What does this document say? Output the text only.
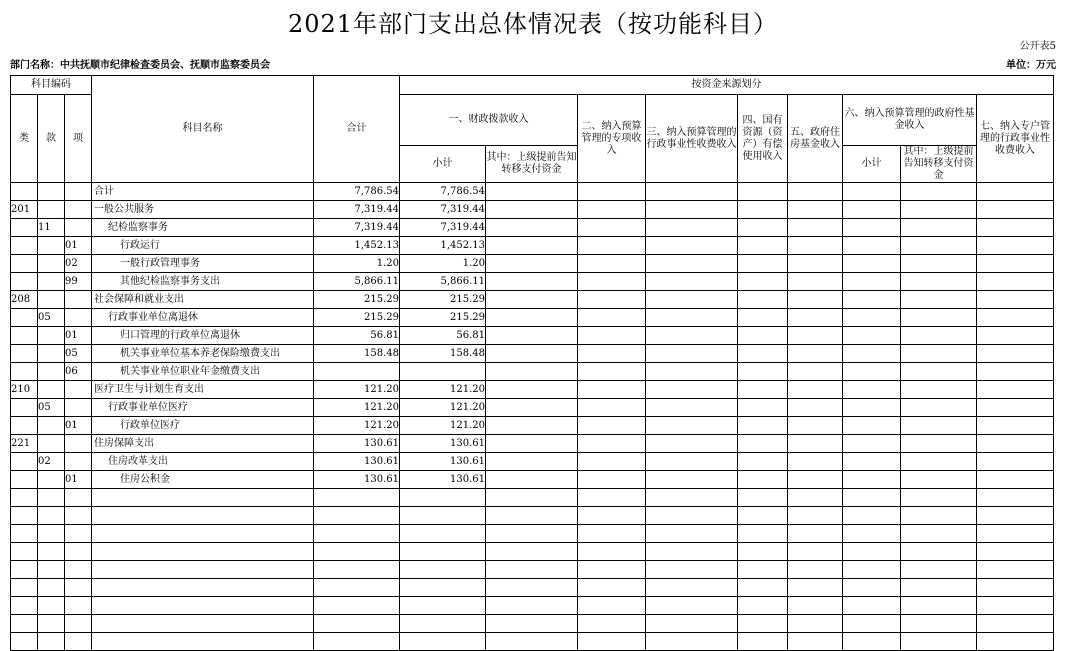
2021年部门支出总体情况表（按功能科目）
公开表5
部门名称：中共抚顺市纪律检查委员会、抚顺市监察委员会	单位：万元
科目编码			科目名称	合计	按资金来源划分								
类	款	项			一、财政拨款收入		二、纳入预算管理的专项收入	三、纳入预算管理的行政事业性收费收入	四、国有资源（资产）有偿使用收入	五、政府住房基金收入	六、纳入预算管理的政府性基金收入		七、纳入专户管理的行政事业性收费收入
					小计	其中：上级提前告知转移支付资金					小计	其中：上级提前告知转移支付资金	
			合计	7,786.54	7,786.54								
201			一般公共服务	7,319.44	7,319.44								
	11		纪检监察事务	7,319.44	7,319.44								
		01	行政运行	1,452.13	1,452.13								
		02	一般行政管理事务	1.20	1.20								
		99	其他纪检监察事务支出	5,866.11	5,866.11								
208			社会保障和就业支出	215.29	215.29								
	05		行政事业单位离退休	215.29	215.29								
		01	归口管理的行政单位离退休	56.81	56.81								
		05	机关事业单位基本养老保险缴费支出	158.48	158.48								
		06	机关事业单位职业年金缴费支出										
210			医疗卫生与计划生育支出	121.20	121.20								
	05		行政事业单位医疗	121.20	121.20								
		01	行政单位医疗	121.20	121.20								
221			住房保障支出	130.61	130.61								
	02		住房改革支出	130.61	130.61								
		01	住房公积金	130.61	130.61								
